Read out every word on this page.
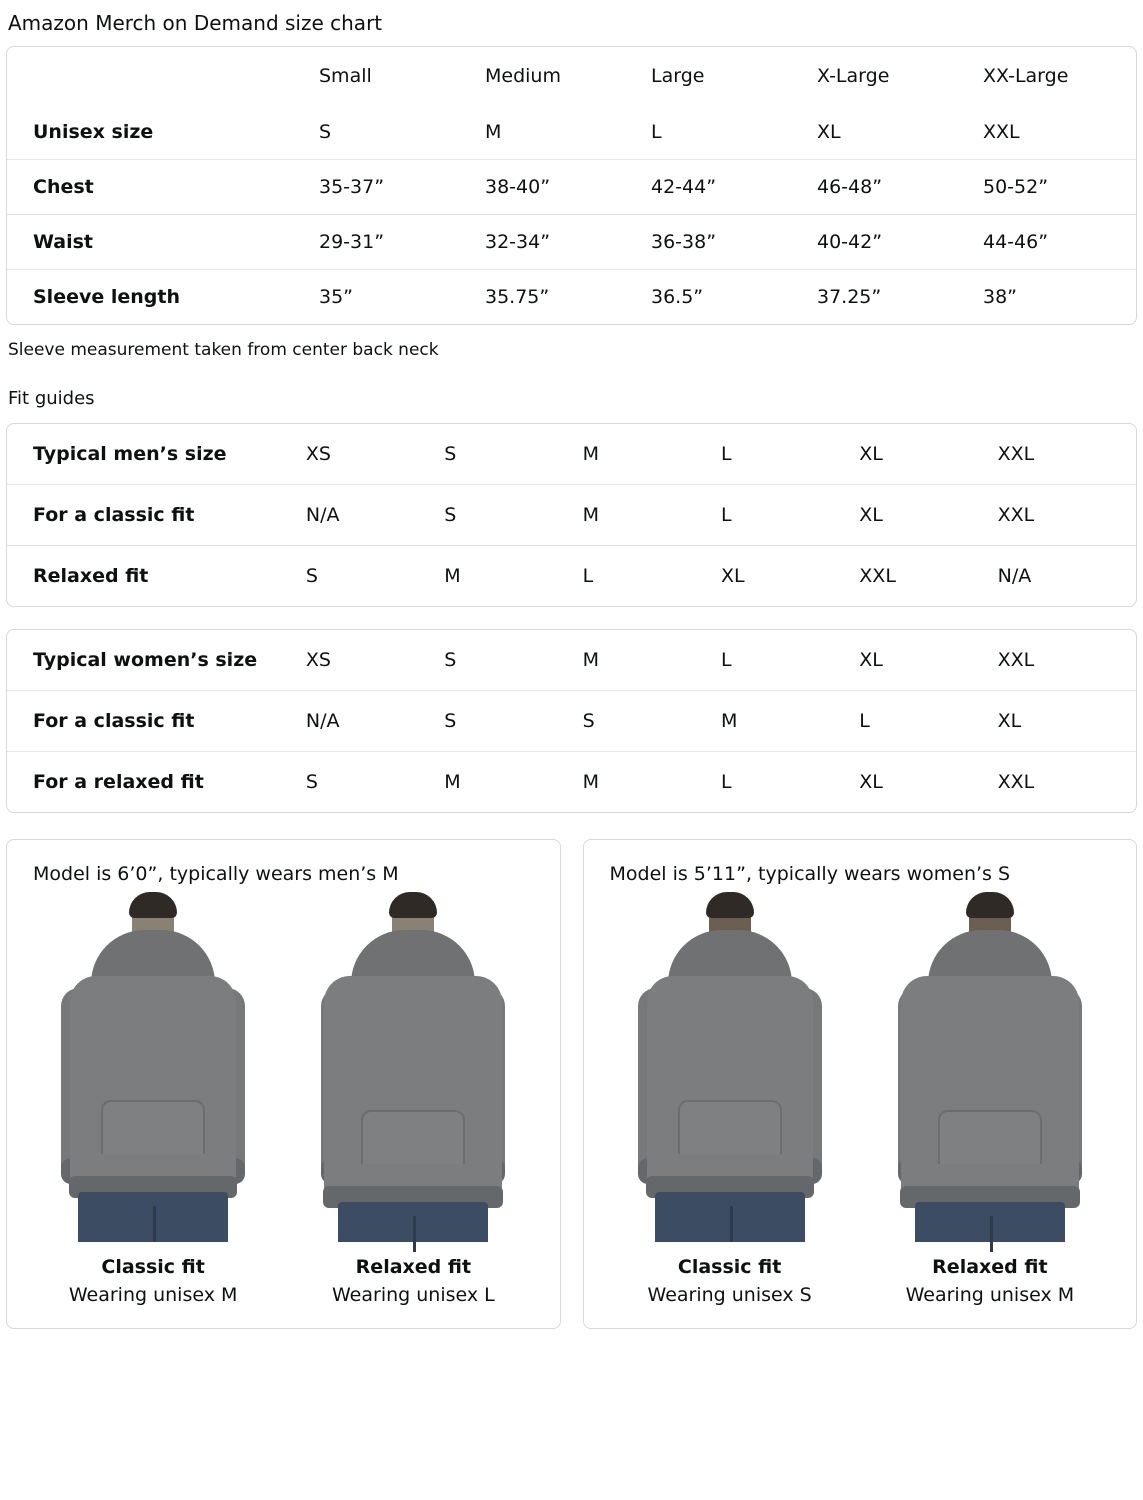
Amazon Merch on Demand size chart
	Small	Medium	Large	X-Large	XX-Large
Unisex size	S	M	L	XL	XXL
Chest	35-37”	38-40”	42-44”	46-48”	50-52”
Waist	29-31”	32-34”	36-38”	40-42”	44-46”
Sleeve length	35”	35.75”	36.5”	37.25”	38”
Sleeve measurement taken from center back neck
Fit guides
Typical men’s size	XS	S	M	L	XL	XXL
For a classic fit	N/A	S	M	L	XL	XXL
Relaxed fit	S	M	L	XL	XXL	N/A
Typical women’s size	XS	S	M	L	XL	XXL
For a classic fit	N/A	S	S	M	L	XL
For a relaxed fit	S	M	M	L	XL	XXL
Model is 6’0”, typically wears men’s M
Classic fit
Wearing unisex M
Relaxed fit
Wearing unisex L
Model is 5’11”, typically wears women’s S
Classic fit
Wearing unisex S
Relaxed fit
Wearing unisex M
